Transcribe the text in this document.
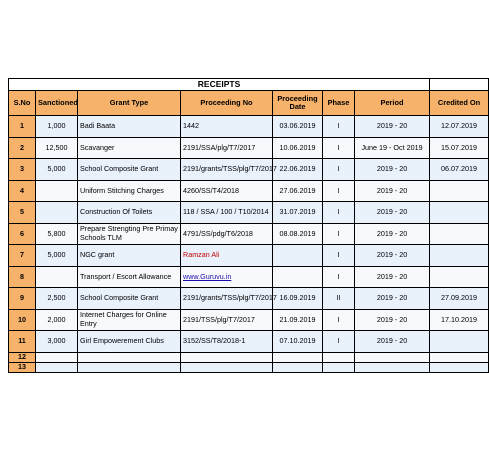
RECEIPTS							
S.No	Sanctioned	Grant Type	Proceeding No	Proceeding Date	Phase	Period	Credited On
1	1,000	Badi Baata	1442	03.06.2019	I	2019 - 20	12.07.2019
2	12,500	Scavanger	2191/SSA/plg/T7/2017	10.06.2019	I	June 19 - Oct 2019	15.07.2019
3	5,000	School Composite Grant	2191/grants/TSS/plg/T7/2017	22.06.2019	I	2019 - 20	06.07.2019
4		Uniform Stitching Charges	4260/SS/T4/2018	27.06.2019	I	2019 - 20	
5		Construction Of Toilets	118 / SSA / 100 / T10/2014	31.07.2019	I	2019 - 20	
6	5,800	Prepare Strengting Pre Primay Schools TLM	4791/SS/pdg/T6/2018	08.08.2019	I	2019 - 20	
7	5,000	NGC grant	Ramzan Ali		I	2019 - 20	
8		Transport / Escort Allowance	www.Guruvu.in		I	2019 - 20	
9	2,500	School Composite Grant	2191/grants/TSS/plg/T7/2017	16.09.2019	II	2019 - 20	27.09.2019
10	2,000	Internet Charges for Online Entry	2191/TSS/plg/T7/2017	21.09.2019	I	2019 - 20	17.10.2019
11	3,000	Girl Empowerement Clubs	3152/SS/T8/2018-1	07.10.2019	I	2019 - 20	
12							
13							
